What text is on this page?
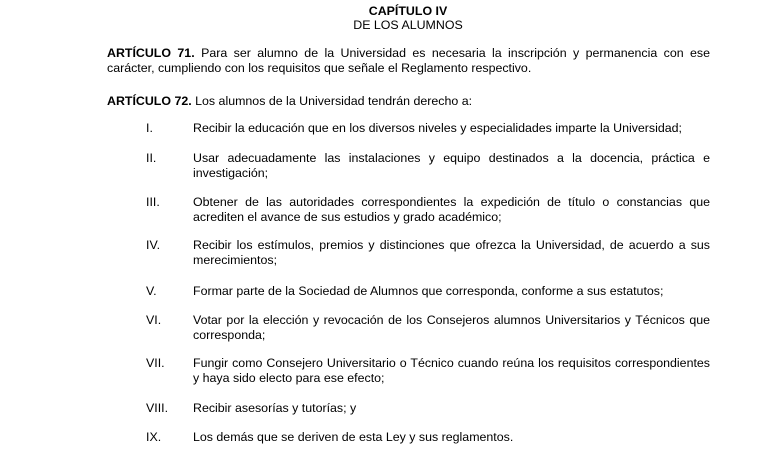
CAPÍTULO IV
DE LOS ALUMNOS

ARTÍCULO 71. Para ser alumno de la Universidad es necesaria la inscripción y permanencia con ese carácter, cumpliendo con los requisitos que señale el Reglamento respectivo.

ARTÍCULO 72. Los alumnos de la Universidad tendrán derecho a:

I.	Recibir la educación que en los diversos niveles y especialidades imparte la Universidad;
II.	Usar adecuadamente las instalaciones y equipo destinados a la docencia, práctica e investigación;
III.	Obtener de las autoridades correspondientes la expedición de título o constancias que acrediten el avance de sus estudios y grado académico;
IV.	Recibir los estímulos, premios y distinciones que ofrezca la Universidad, de acuerdo a sus merecimientos;
V.	Formar parte de la Sociedad de Alumnos que corresponda, conforme a sus estatutos;
VI.	Votar por la elección y revocación de los Consejeros alumnos Universitarios y Técnicos que corresponda;
VII.	Fungir como Consejero Universitario o Técnico cuando reúna los requisitos correspondientes y haya sido electo para ese efecto;
VIII.	Recibir asesorías y tutorías; y
IX.	Los demás que se deriven de esta Ley y sus reglamentos.
